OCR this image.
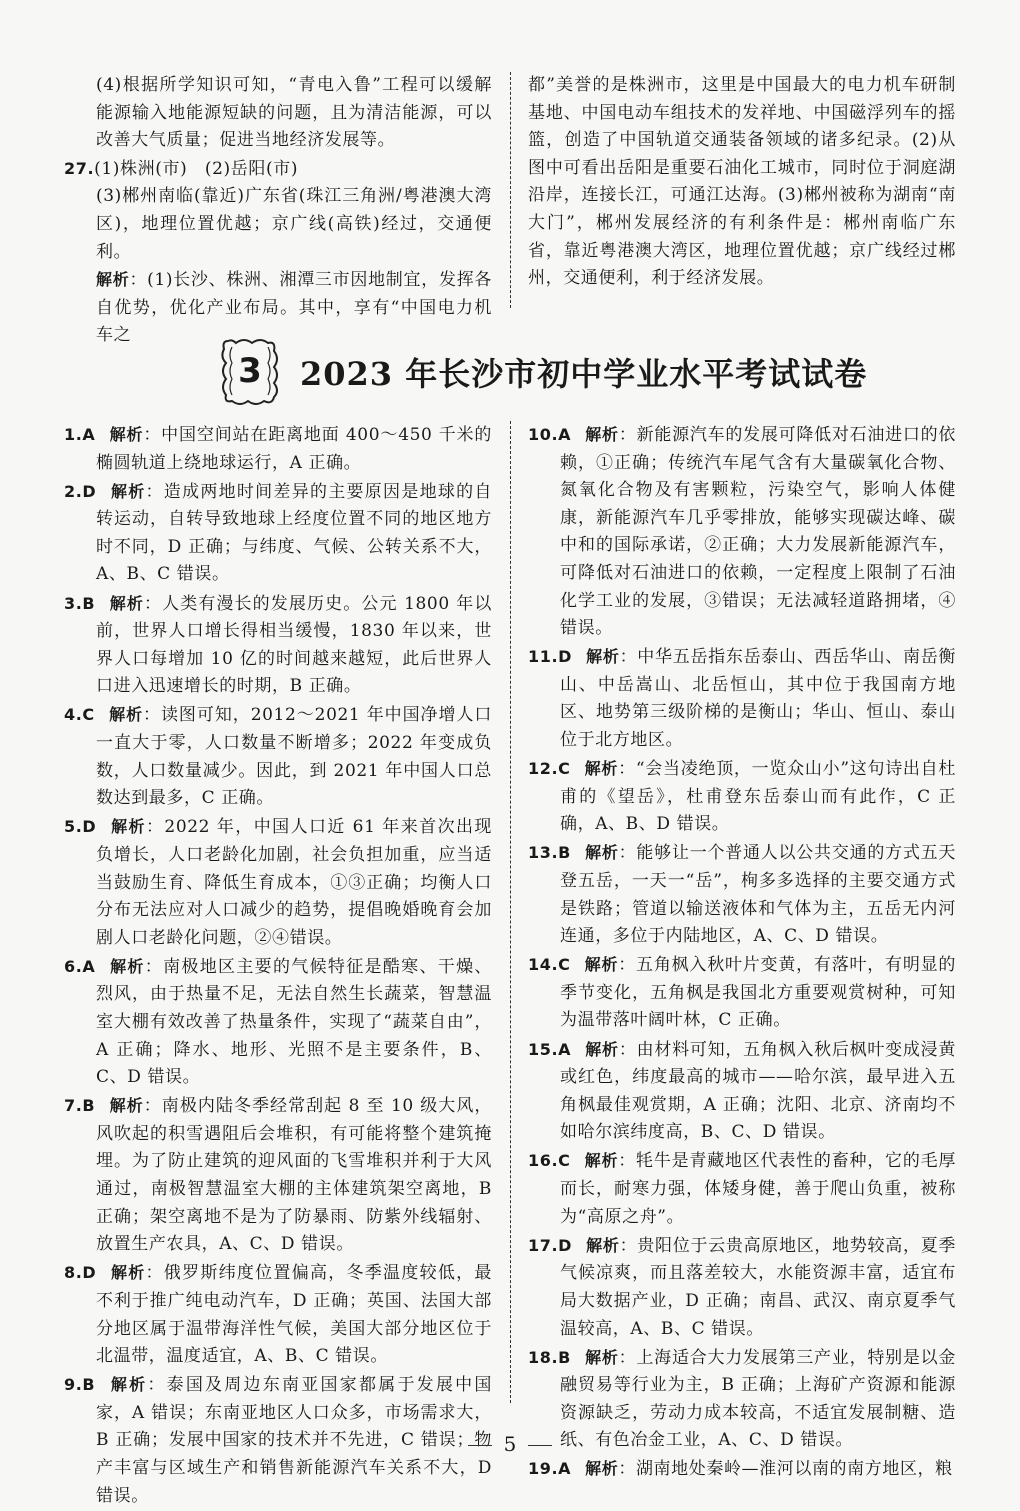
(4)根据所学知识可知，“青电入鲁”工程可以缓解能源输入地能源短缺的问题，且为清洁能源，可以改善大气质量；促进当地经济发展等。

27.(1)株洲(市)　(2)岳阳(市)

(3)郴州南临(靠近)广东省(珠江三角洲/粤港澳大湾区)，地理位置优越；京广线(高铁)经过，交通便利。

解析：(1)长沙、株洲、湘潭三市因地制宜，发挥各自优势，优化产业布局。其中，享有“中国电力机车之

都”美誉的是株洲市，这里是中国最大的电力机车研制基地、中国电动车组技术的发祥地、中国磁浮列车的摇篮，创造了中国轨道交通装备领域的诸多纪录。(2)从图中可看出岳阳是重要石油化工城市，同时位于洞庭湖沿岸，连接长江，可通江达海。(3)郴州被称为湖南“南大门”，郴州发展经济的有利条件是：郴州南临广东省，靠近粤港澳大湾区，地理位置优越；京广线经过郴州，交通便利，利于经济发展。

3	2023 年长沙市初中学业水平考试试卷

1.A 解析：中国空间站在距离地面 400～450 千米的椭圆轨道上绕地球运行，A 正确。

2.D 解析：造成两地时间差异的主要原因是地球的自转运动，自转导致地球上经度位置不同的地区地方时不同，D 正确；与纬度、气候、公转关系不大，A、B、C 错误。

3.B 解析：人类有漫长的发展历史。公元 1800 年以前，世界人口增长得相当缓慢，1830 年以来，世界人口每增加 10 亿的时间越来越短，此后世界人口进入迅速增长的时期，B 正确。

4.C 解析：读图可知，2012～2021 年中国净增人口一直大于零，人口数量不断增多；2022 年变成负数，人口数量减少。因此，到 2021 年中国人口总数达到最多，C 正确。

5.D 解析：2022 年，中国人口近 61 年来首次出现负增长，人口老龄化加剧，社会负担加重，应当适当鼓励生育、降低生育成本，①③正确；均衡人口分布无法应对人口减少的趋势，提倡晚婚晚育会加剧人口老龄化问题，②④错误。

6.A 解析：南极地区主要的气候特征是酷寒、干燥、烈风，由于热量不足，无法自然生长蔬菜，智慧温室大棚有效改善了热量条件，实现了“蔬菜自由”，A 正确；降水、地形、光照不是主要条件，B、C、D 错误。

7.B 解析：南极内陆冬季经常刮起 8 至 10 级大风，风吹起的积雪遇阻后会堆积，有可能将整个建筑掩埋。为了防止建筑的迎风面的飞雪堆积并利于大风通过，南极智慧温室大棚的主体建筑架空离地，B 正确；架空离地不是为了防暴雨、防紫外线辐射、放置生产农具，A、C、D 错误。

8.D 解析：俄罗斯纬度位置偏高，冬季温度较低，最不利于推广纯电动汽车，D 正确；英国、法国大部分地区属于温带海洋性气候，美国大部分地区位于北温带，温度适宜，A、B、C 错误。

9.B 解析：泰国及周边东南亚国家都属于发展中国家，A 错误；东南亚地区人口众多，市场需求大，B 正确；发展中国家的技术并不先进，C 错误；物产丰富与区域生产和销售新能源汽车关系不大，D 错误。

10.A 解析：新能源汽车的发展可降低对石油进口的依赖，①正确；传统汽车尾气含有大量碳氧化合物、氮氧化合物及有害颗粒，污染空气，影响人体健康，新能源汽车几乎零排放，能够实现碳达峰、碳中和的国际承诺，②正确；大力发展新能源汽车，可降低对石油进口的依赖，一定程度上限制了石油化学工业的发展，③错误；无法减轻道路拥堵，④错误。

11.D 解析：中华五岳指东岳泰山、西岳华山、南岳衡山、中岳嵩山、北岳恒山，其中位于我国南方地区、地势第三级阶梯的是衡山；华山、恒山、泰山位于北方地区。

12.C 解析：“会当凌绝顶，一览众山小”这句诗出自杜甫的《望岳》，杜甫登东岳泰山而有此作，C 正确，A、B、D 错误。

13.B 解析：能够让一个普通人以公共交通的方式五天登五岳，一天一“岳”，栒多多选择的主要交通方式是铁路；管道以输送液体和气体为主，五岳无内河连通，多位于内陆地区，A、C、D 错误。

14.C 解析：五角枫入秋叶片变黄，有落叶，有明显的季节变化，五角枫是我国北方重要观赏树种，可知为温带落叶阔叶林，C 正确。

15.A 解析：由材料可知，五角枫入秋后枫叶变成浸黄或红色，纬度最高的城市——哈尔滨，最早进入五角枫最佳观赏期，A 正确；沈阳、北京、济南均不如哈尔滨纬度高，B、C、D 错误。

16.C 解析：牦牛是青藏地区代表性的畜种，它的毛厚而长，耐寒力强，体矮身健，善于爬山负重，被称为“高原之舟”。

17.D 解析：贵阳位于云贵高原地区，地势较高，夏季气候凉爽，而且落差较大，水能资源丰富，适宜布局大数据产业，D 正确；南昌、武汉、南京夏季气温较高，A、B、C 错误。

18.B 解析：上海适合大力发展第三产业，特别是以金融贸易等行业为主，B 正确；上海矿产资源和能源资源缺乏，劳动力成本较高，不适宜发展制糖、造纸、有色冶金工业，A、C、D 错误。

19.A 解析：湖南地处秦岭—淮河以南的南方地区，粮

5
